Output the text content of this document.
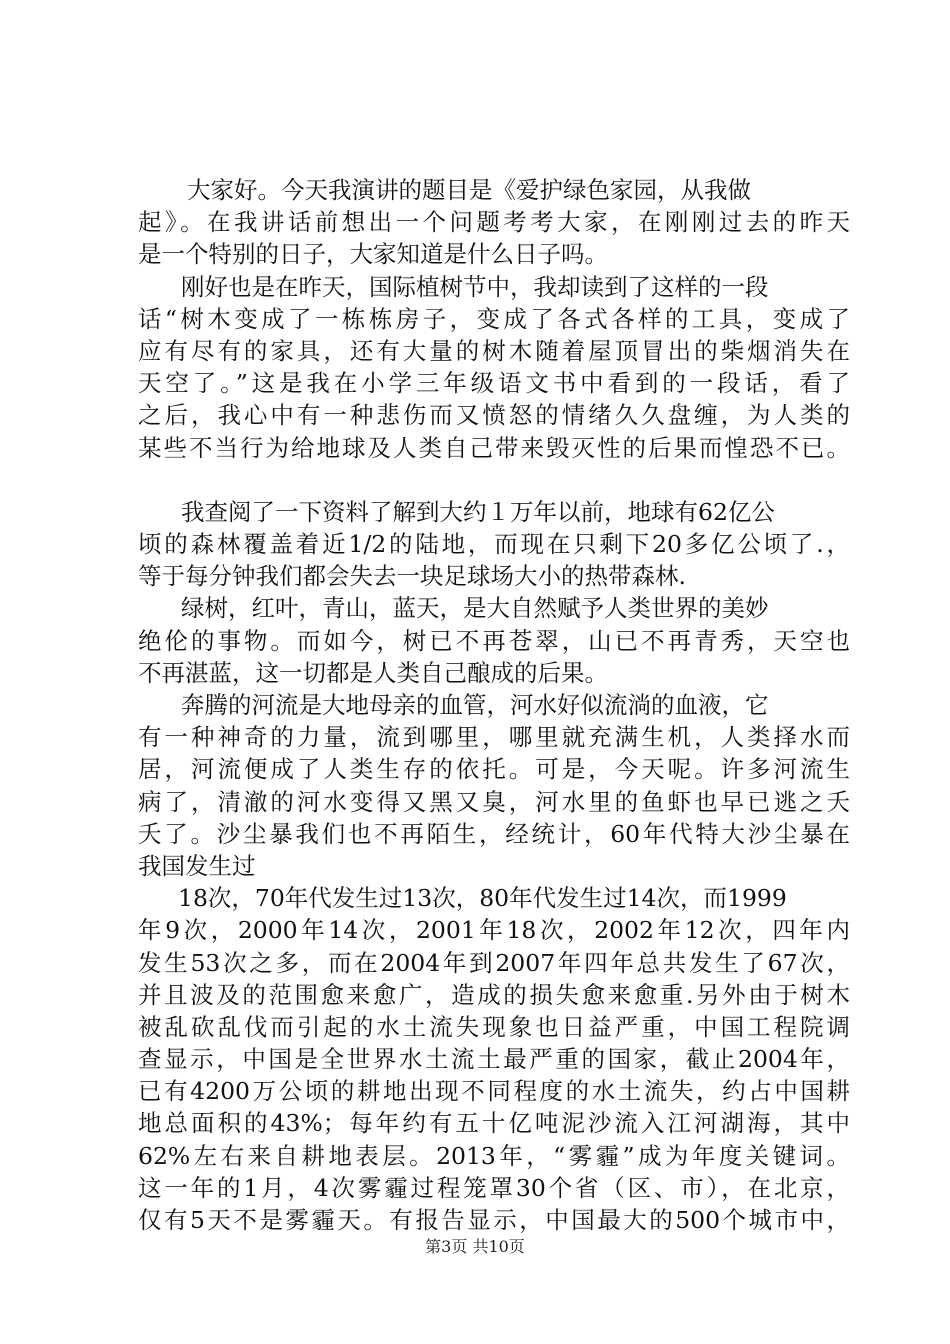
大家好。今天我演讲的题目是《爱护绿色家园，从我做
起》。在我讲话前想出一个问题考考大家，在刚刚过去的昨天
是一个特别的日子，大家知道是什么日子吗。
刚好也是在昨天，国际植树节中，我却读到了这样的一段
话“树木变成了一栋栋房子，变成了各式各样的工具，变成了
应有尽有的家具，还有大量的树木随着屋顶冒出的柴烟消失在
天空了。”这是我在小学三年级语文书中看到的一段话，看了
之后，我心中有一种悲伤而又愤怒的情绪久久盘缠，为人类的
某些不当行为给地球及人类自己带来毁灭性的后果而惶恐不已。
我查阅了一下资料了解到大约１万年以前，地球有62亿公
顷的森林覆盖着近1/2的陆地，而现在只剩下20多亿公顷了.，
等于每分钟我们都会失去一块足球场大小的热带森林.
绿树，红叶，青山，蓝天，是大自然赋予人类世界的美妙
绝伦的事物。而如今，树已不再苍翠，山已不再青秀，天空也
不再湛蓝，这一切都是人类自己酿成的后果。
奔腾的河流是大地母亲的血管，河水好似流淌的血液，它
有一种神奇的力量，流到哪里，哪里就充满生机，人类择水而
居，河流便成了人类生存的依托。可是，今天呢。许多河流生
病了，清澈的河水变得又黑又臭，河水里的鱼虾也早已逃之夭
夭了。沙尘暴我们也不再陌生，经统计，60年代特大沙尘暴在
我国发生过
18次，70年代发生过13次，80年代发生过14次，而1999
年9次，2000年14次，2001年18次，2002年12次，四年内
发生53次之多，而在2004年到2007年四年总共发生了67次，
并且波及的范围愈来愈广，造成的损失愈来愈重.另外由于树木
被乱砍乱伐而引起的水土流失现象也日益严重，中国工程院调
查显示，中国是全世界水土流土最严重的国家，截止2004年，
已有4200万公顷的耕地出现不同程度的水土流失，约占中国耕
地总面积的43%；每年约有五十亿吨泥沙流入江河湖海，其中
62%左右来自耕地表层。2013年，“雾霾”成为年度关键词。
这一年的1月，4次雾霾过程笼罩30个省（区、市），在北京，
仅有5天不是雾霾天。有报告显示，中国最大的500个城市中，
第3页 共10页
